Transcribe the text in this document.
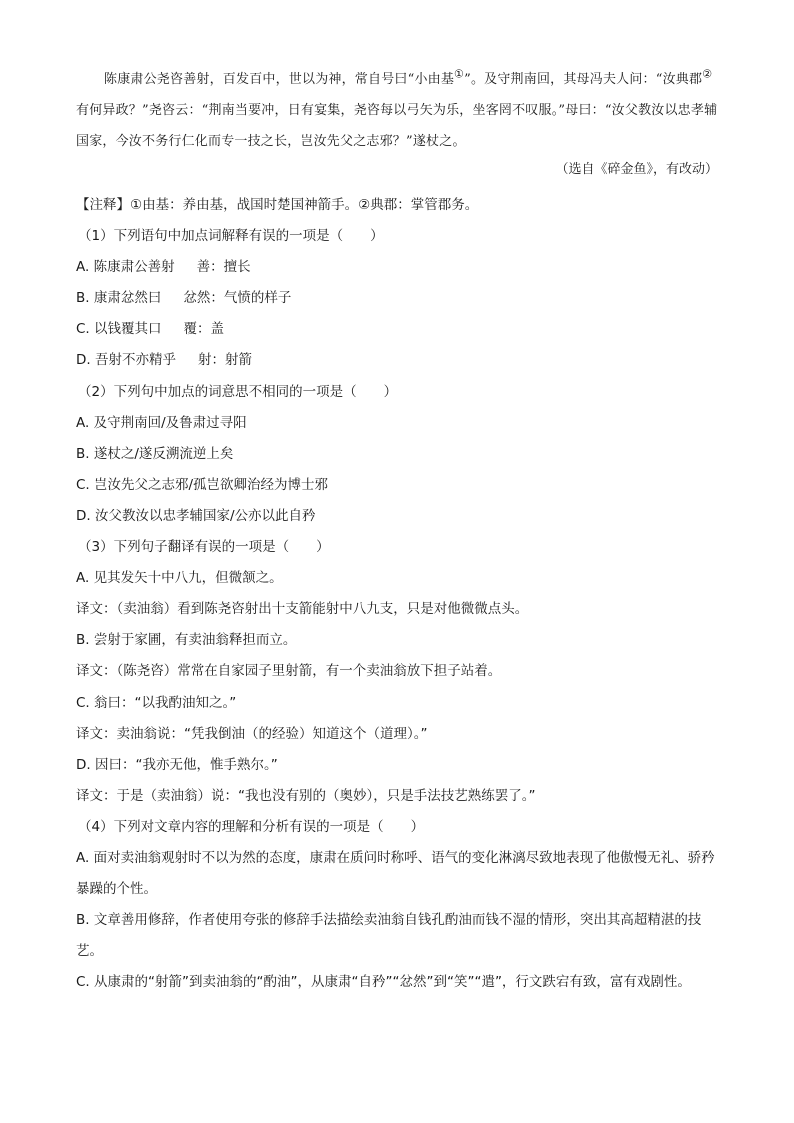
陈康肃公尧咨善射，百发百中，世以为神，常自号曰“小由基①”。及守荆南回，其母冯夫人问：“汝典郡②有何异政？”尧咨云：“荆南当要冲，日有宴集，尧咨每以弓矢为乐，坐客罔不叹服。”母曰：“汝父教汝以忠孝辅国家，今汝不务行仁化而专一技之长，岂汝先父之志邪？”遂杖之。

（选自《碎金鱼》，有改动）

【注释】①由基：养由基，战国时楚国神箭手。②典郡：掌管郡务。

（1）下列语句中加点词解释有误的一项是（　　）

A. 陈康肃公善射 善：擅长

B. 康肃忿然曰 忿然：气愤的样子

C. 以钱覆其口 覆：盖

D. 吾射不亦精乎 射：射箭

（2）下列句中加点的词意思不相同的一项是（　　）

A. 及守荆南回/及鲁肃过寻阳

B. 遂杖之/遂反溯流逆上矣

C. 岂汝先父之志邪/孤岂欲卿治经为博士邪

D. 汝父教汝以忠孝辅国家/公亦以此自矜

（3）下列句子翻译有误的一项是（　　）

A. 见其发矢十中八九，但微颔之。

译文：（卖油翁）看到陈尧咨射出十支箭能射中八九支，只是对他微微点头。

B. 尝射于家圃，有卖油翁释担而立。

译文：（陈尧咨）常常在自家园子里射箭，有一个卖油翁放下担子站着。

C. 翁曰：“以我酌油知之。”

译文：卖油翁说：“凭我倒油（的经验）知道这个（道理）。”

D. 因曰：“我亦无他，惟手熟尔。”

译文：于是（卖油翁）说：“我也没有别的（奥妙），只是手法技艺熟练罢了。”

（4）下列对文章内容的理解和分析有误的一项是（　　）

A. 面对卖油翁观射时不以为然的态度，康肃在质问时称呼、语气的变化淋漓尽致地表现了他傲慢无礼、骄矜暴躁的个性。

B. 文章善用修辞，作者使用夸张的修辞手法描绘卖油翁自钱孔酌油而钱不湿的情形，突出其高超精湛的技艺。

C. 从康肃的“射箭”到卖油翁的“酌油”，从康肃“自矜”“忿然”到“笑”“遣”，行文跌宕有致，富有戏剧性。
